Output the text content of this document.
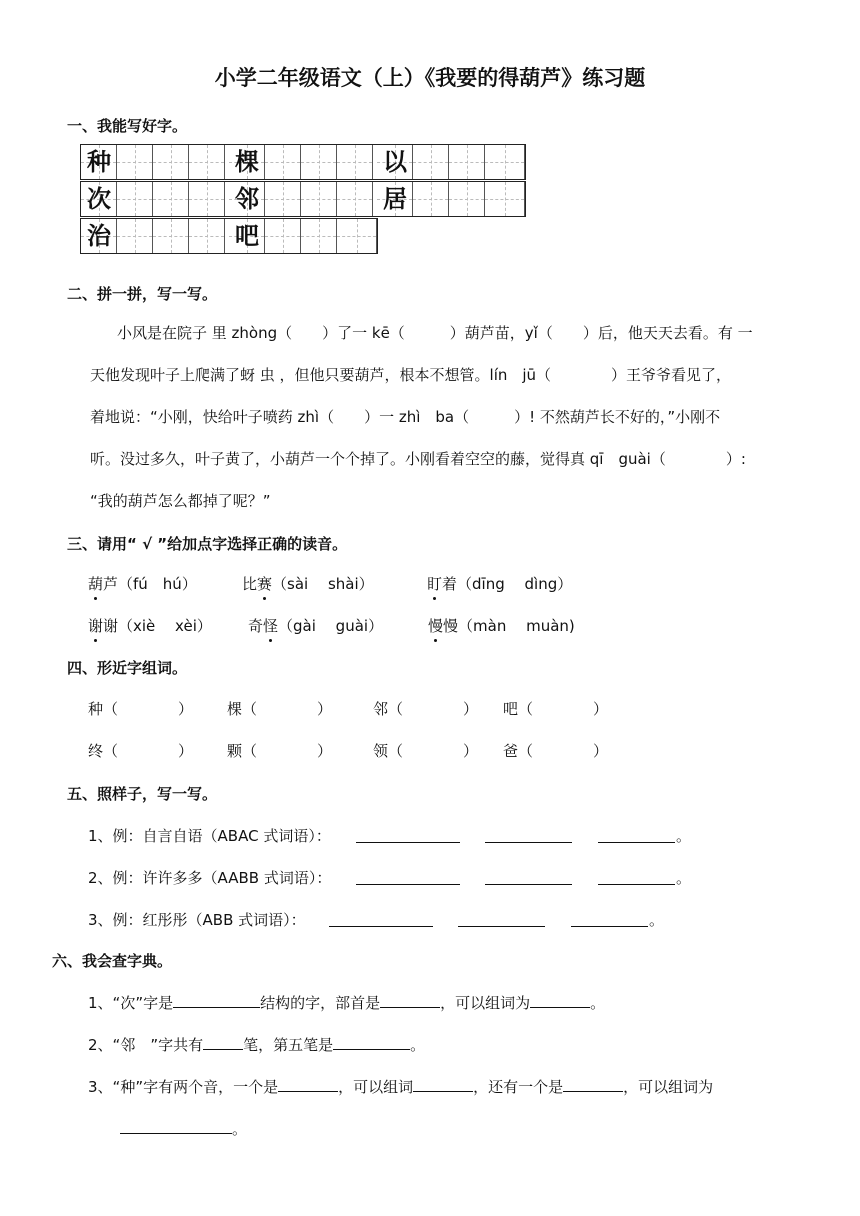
小学二年级语文（上）《我要的得葫芦》练习题
一、我能写好字。
种	棵	以
次	邻	居
治	吧
二、拼一拼，写一写。
小风是在院子 里 zhòng（　　）了一 kē（　　　）葫芦苗，yǐ（　　）后，他天天去看。有 一
天他发现叶子上爬满了蚜 虫 ，但他只要葫芦，根本不想管。lín　jū（　　　　）王爷爷看见了，
着地说：“小刚，快给叶子喷药 zhì（　　）一 zhì　ba（　　　）! 不然葫芦长不好的，”小刚不
听。没过多久，叶子黄了，小葫芦一个个掉了。小刚看着空空的藤，觉得真 qī　guài（　　　　）:
“我的葫芦怎么都掉了呢？”
三、请用“ √ ”给加点字选择正确的读音。
葫芦（fú　hú）	比赛（sài　 shài）	盯着（dīng　 dìng）
谢谢（xiè　 xèi） 奇怪（gài　 guài）	慢慢（màn　 muàn)
四、形近字组词。
种（　　　　） 棵（　　　　）	邻（　　　　） 吧（　　　　）
终（　　　　） 颗（　　　　）	领（　　　　） 爸（　　　　）
五、照样子，写一写。
1、例：自言自语（ABAC 式词语）：	。
2、例：许许多多（AABB 式词语）：	。
3、例：红彤彤（ABB 式词语）：	。
六、我会查字典。
1、“次”字是	结构的字，部首是	，可以组词为	。
2、“邻　”字共有	笔，第五笔是	。
3、“种”字有两个音，一个是	，可以组词	，还有一个是	，可以组词为
。
